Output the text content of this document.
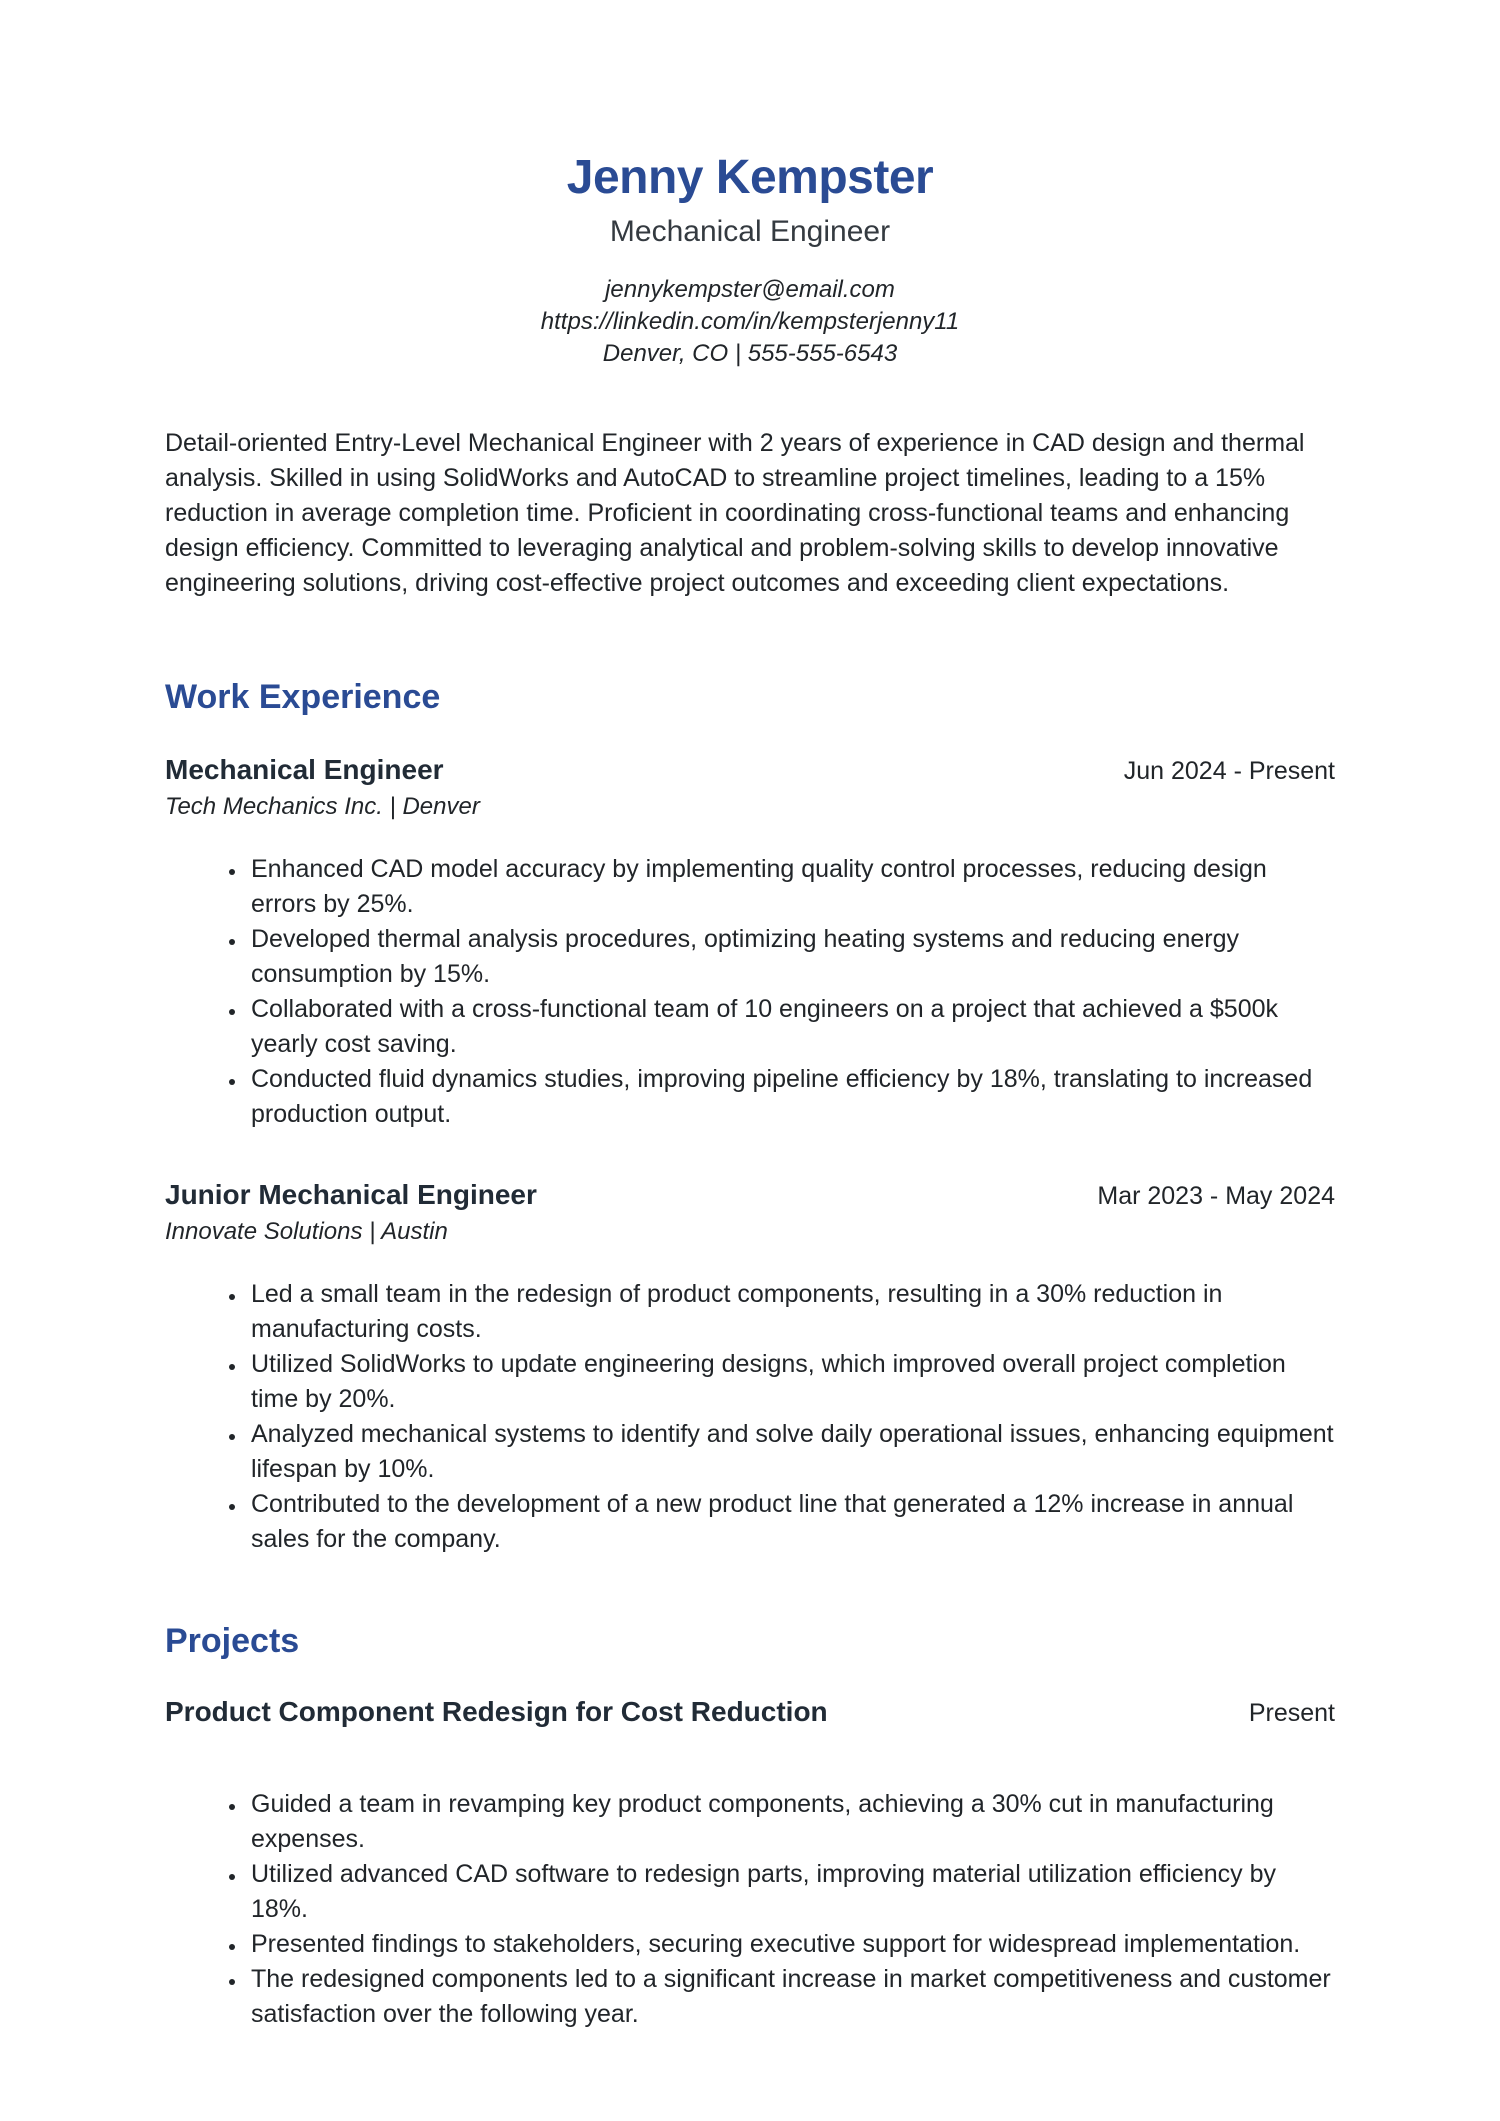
Jenny Kempster
Mechanical Engineer
jennykempster@email.com
https://linkedin.com/in/kempsterjenny11
Denver, CO | 555-555-6543

Detail-oriented Entry-Level Mechanical Engineer with 2 years of experience in CAD design and thermal analysis. Skilled in using SolidWorks and AutoCAD to streamline project timelines, leading to a 15% reduction in average completion time. Proficient in coordinating cross-functional teams and enhancing design efficiency. Committed to leveraging analytical and problem-solving skills to develop innovative engineering solutions, driving cost-effective project outcomes and exceeding client expectations.

Work Experience
Mechanical Engineer	Jun 2024 - Present
Tech Mechanics Inc. | Denver
• Enhanced CAD model accuracy by implementing quality control processes, reducing design errors by 25%.
• Developed thermal analysis procedures, optimizing heating systems and reducing energy consumption by 15%.
• Collaborated with a cross-functional team of 10 engineers on a project that achieved a $500k yearly cost saving.
• Conducted fluid dynamics studies, improving pipeline efficiency by 18%, translating to increased production output.
Junior Mechanical Engineer	Mar 2023 - May 2024
Innovate Solutions | Austin
• Led a small team in the redesign of product components, resulting in a 30% reduction in manufacturing costs.
• Utilized SolidWorks to update engineering designs, which improved overall project completion time by 20%.
• Analyzed mechanical systems to identify and solve daily operational issues, enhancing equipment lifespan by 10%.
• Contributed to the development of a new product line that generated a 12% increase in annual sales for the company.
Projects
Product Component Redesign for Cost Reduction	Present
• Guided a team in revamping key product components, achieving a 30% cut in manufacturing expenses.
• Utilized advanced CAD software to redesign parts, improving material utilization efficiency by 18%.
• Presented findings to stakeholders, securing executive support for widespread implementation.
• The redesigned components led to a significant increase in market competitiveness and customer satisfaction over the following year.
